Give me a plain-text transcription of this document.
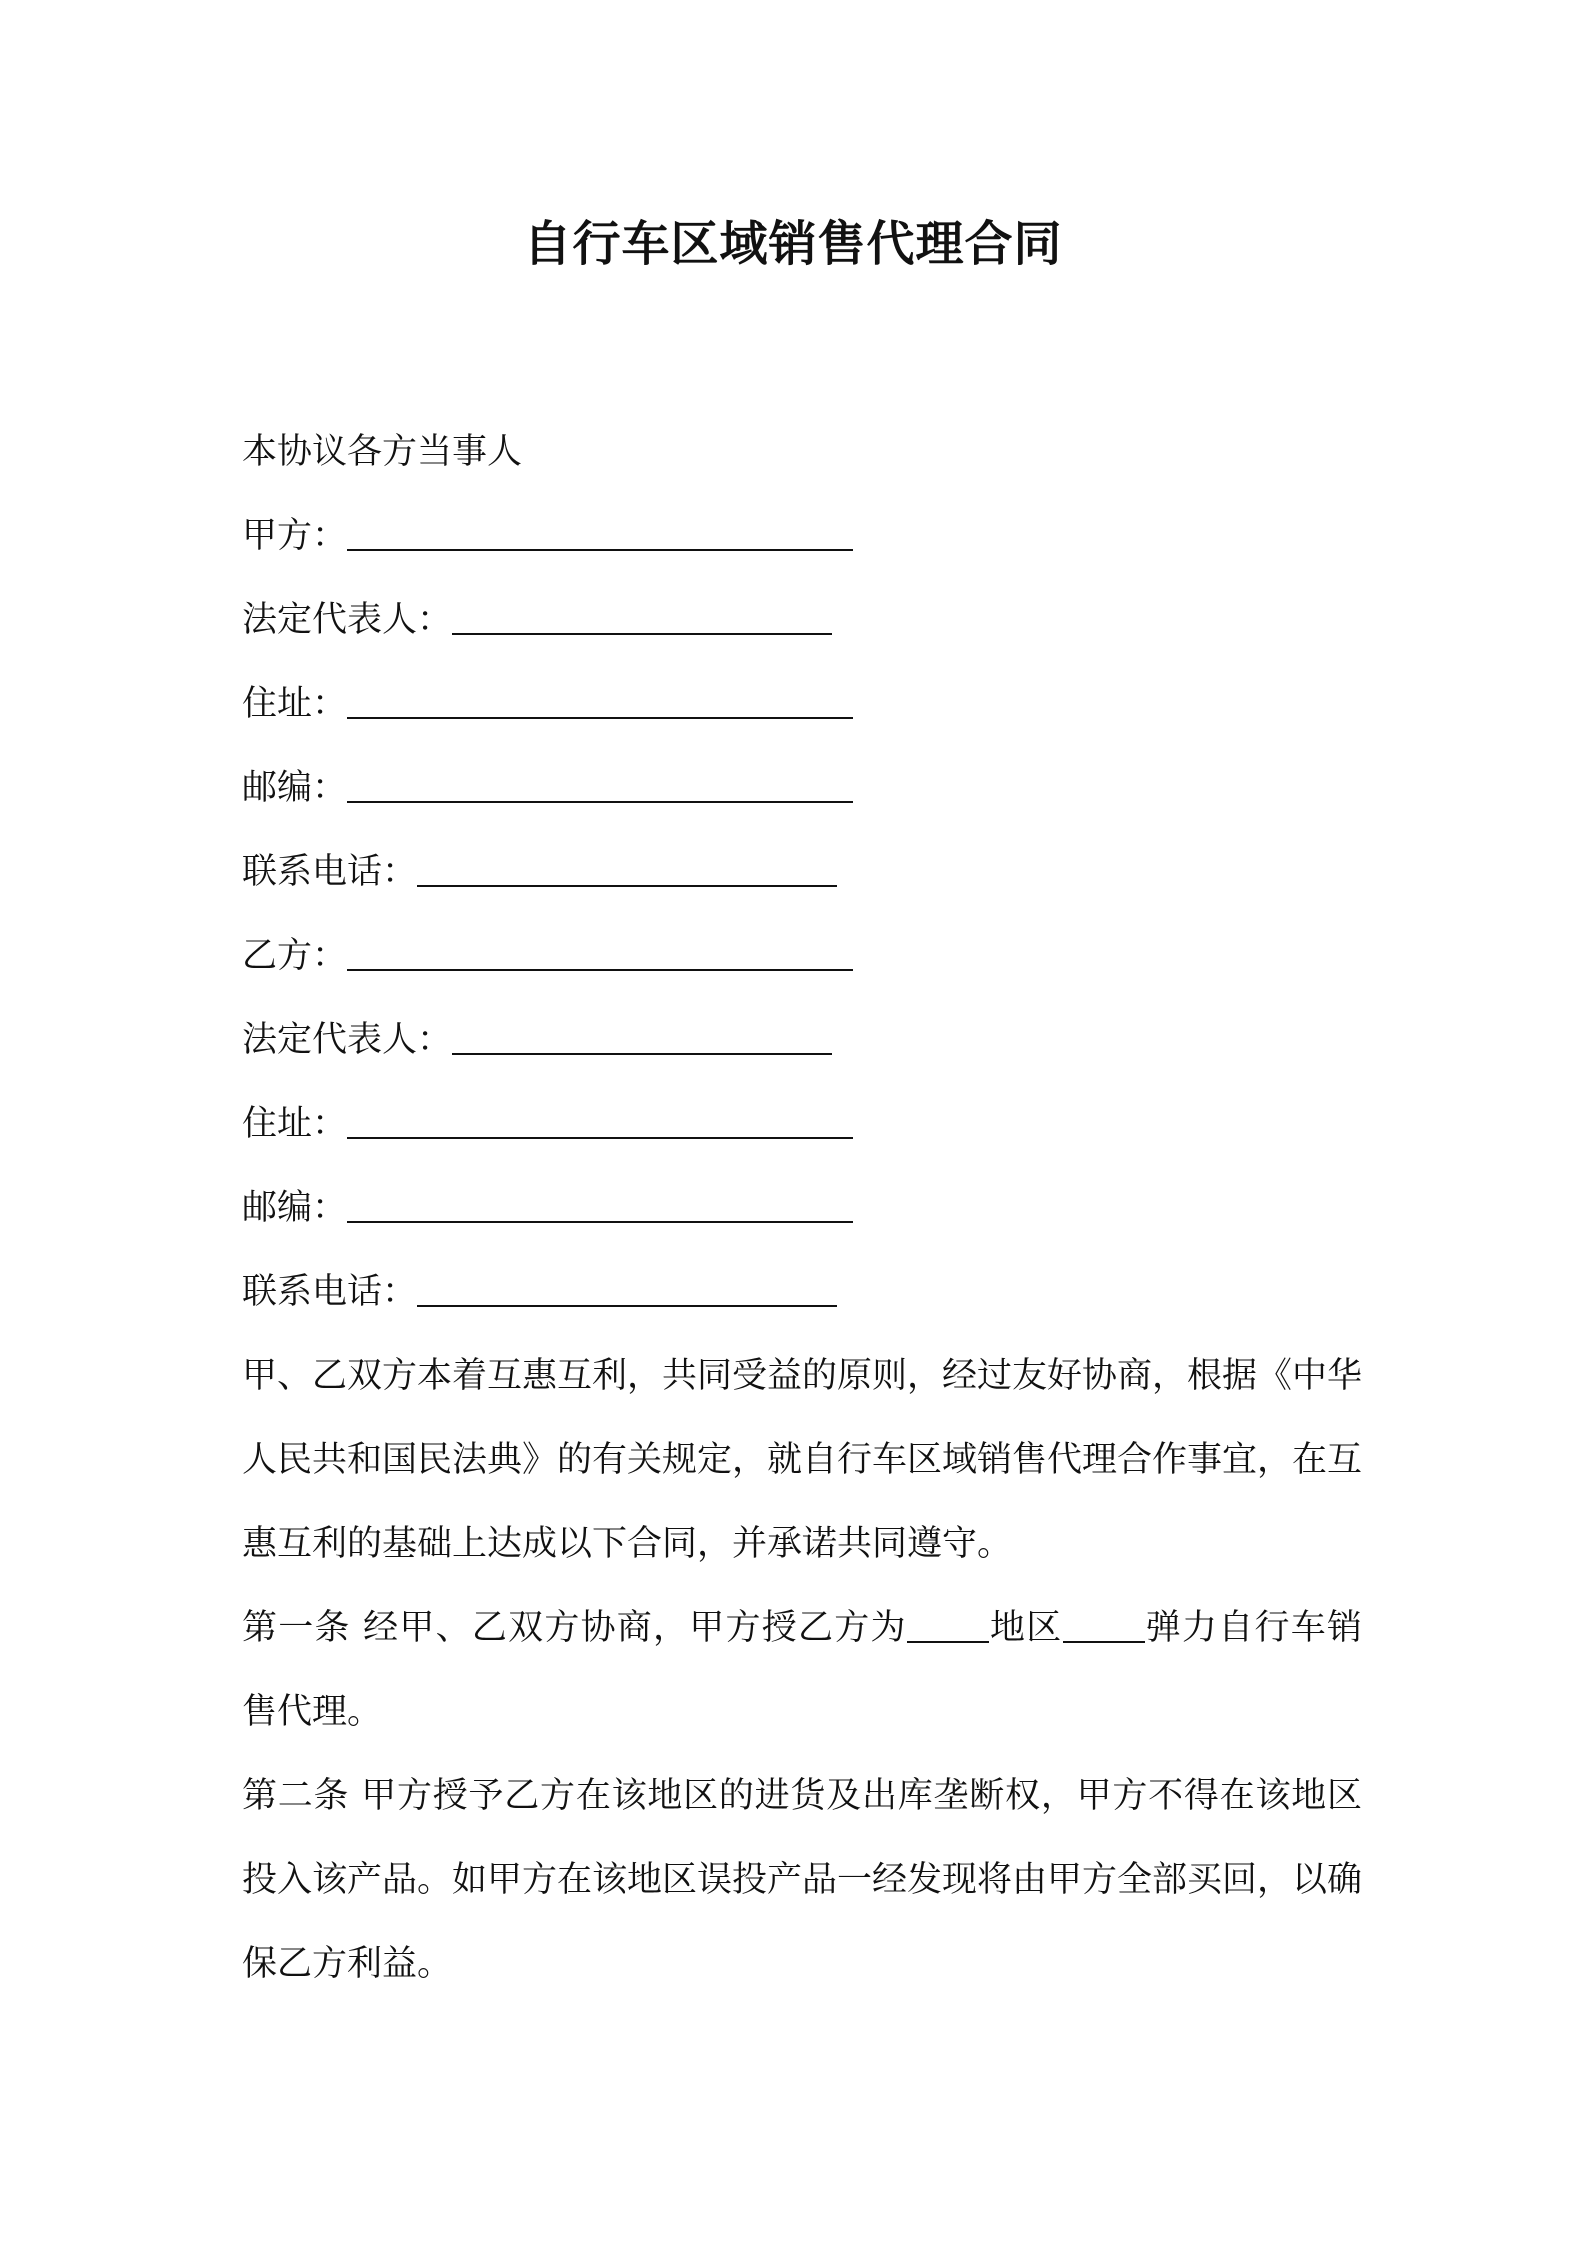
自行车区域销售代理合同
本协议各方当事人
甲方：
法定代表人：
住址：
邮编：
联系电话：
乙方：
法定代表人：
住址：
邮编：
联系电话：

甲、乙双方本着互惠互利，共同受益的原则，经过友好协商，根据《中华人民共和国民法典》的有关规定，就自行车区域销售代理合作事宜，在互惠互利的基础上达成以下合同，并承诺共同遵守。

第一条 经甲、乙双方协商，甲方授乙方为 地区 弹力自行车销售代理。

第二条 甲方授予乙方在该地区的进货及出库垄断权，甲方不得在该地区投入该产品。如甲方在该地区误投产品一经发现将由甲方全部买回，以确保乙方利益。
